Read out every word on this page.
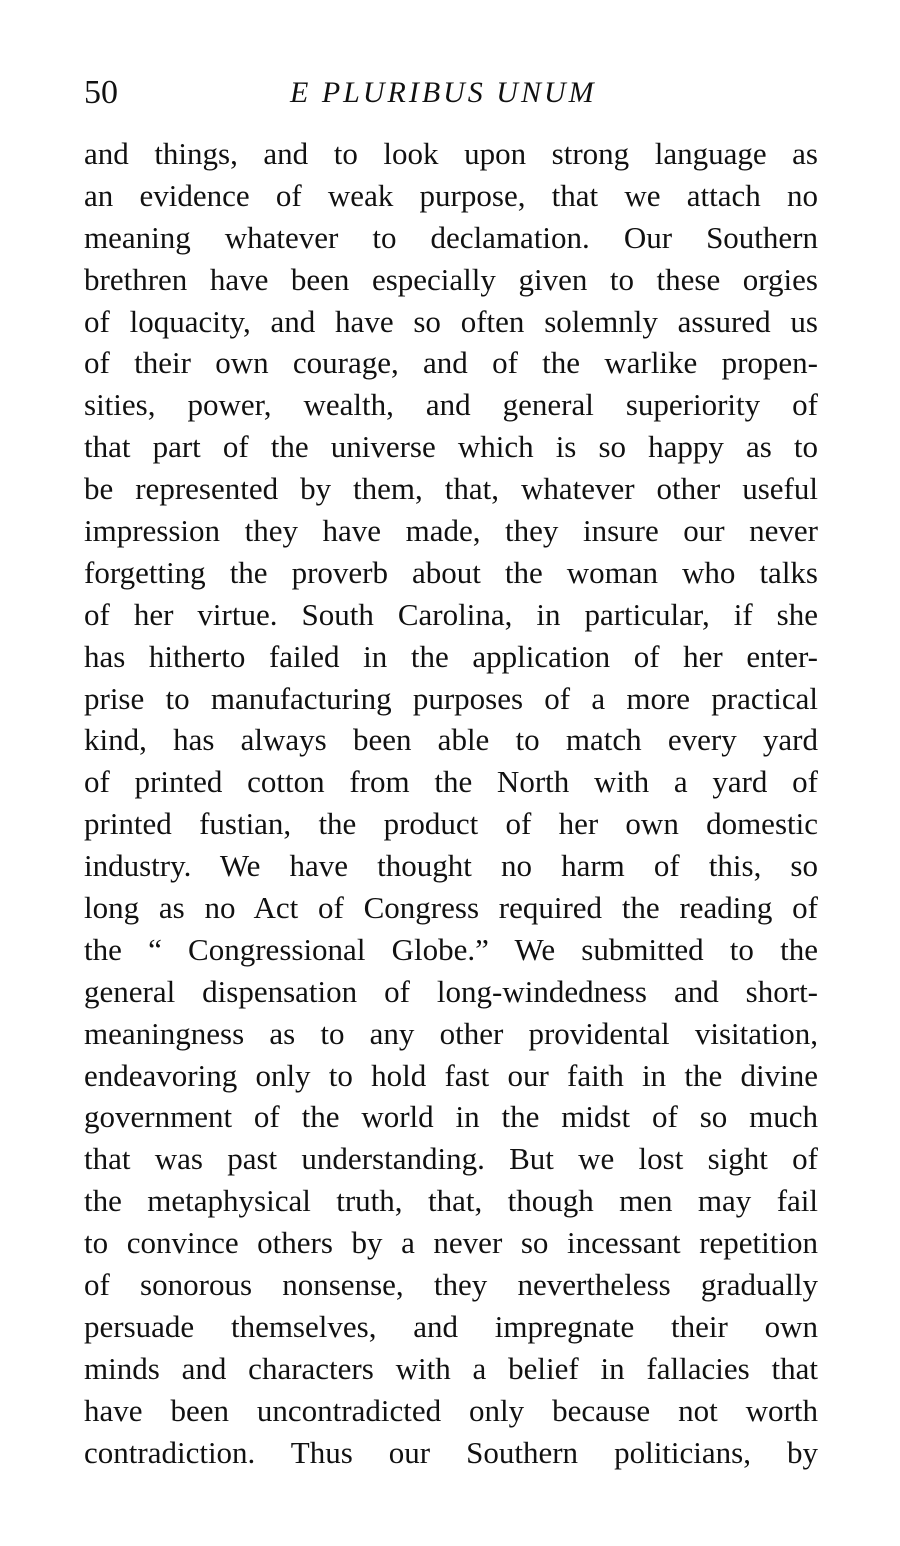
50	E PLURIBUS UNUM
and things, and to look upon strong language as
an evidence of weak purpose, that we attach no
meaning whatever to declamation. Our Southern
brethren have been especially given to these orgies
of loquacity, and have so often solemnly assured us
of their own courage, and of the warlike propen-
sities, power, wealth, and general superiority of
that part of the universe which is so happy as to
be represented by them, that, whatever other useful
impression they have made, they insure our never
forgetting the proverb about the woman who talks
of her virtue. South Carolina, in particular, if she
has hitherto failed in the application of her enter-
prise to manufacturing purposes of a more practical
kind, has always been able to match every yard
of printed cotton from the North with a yard of
printed fustian, the product of her own domestic
industry. We have thought no harm of this, so
long as no Act of Congress required the reading of
the “ Congressional Globe.” We submitted to the
general dispensation of long-windedness and short-
meaningness as to any other providental visitation,
endeavoring only to hold fast our faith in the divine
government of the world in the midst of so much
that was past understanding. But we lost sight of
the metaphysical truth, that, though men may fail
to convince others by a never so incessant repetition
of sonorous nonsense, they nevertheless gradually
persuade themselves, and impregnate their own
minds and characters with a belief in fallacies that
have been uncontradicted only because not worth
contradiction. Thus our Southern politicians, by
